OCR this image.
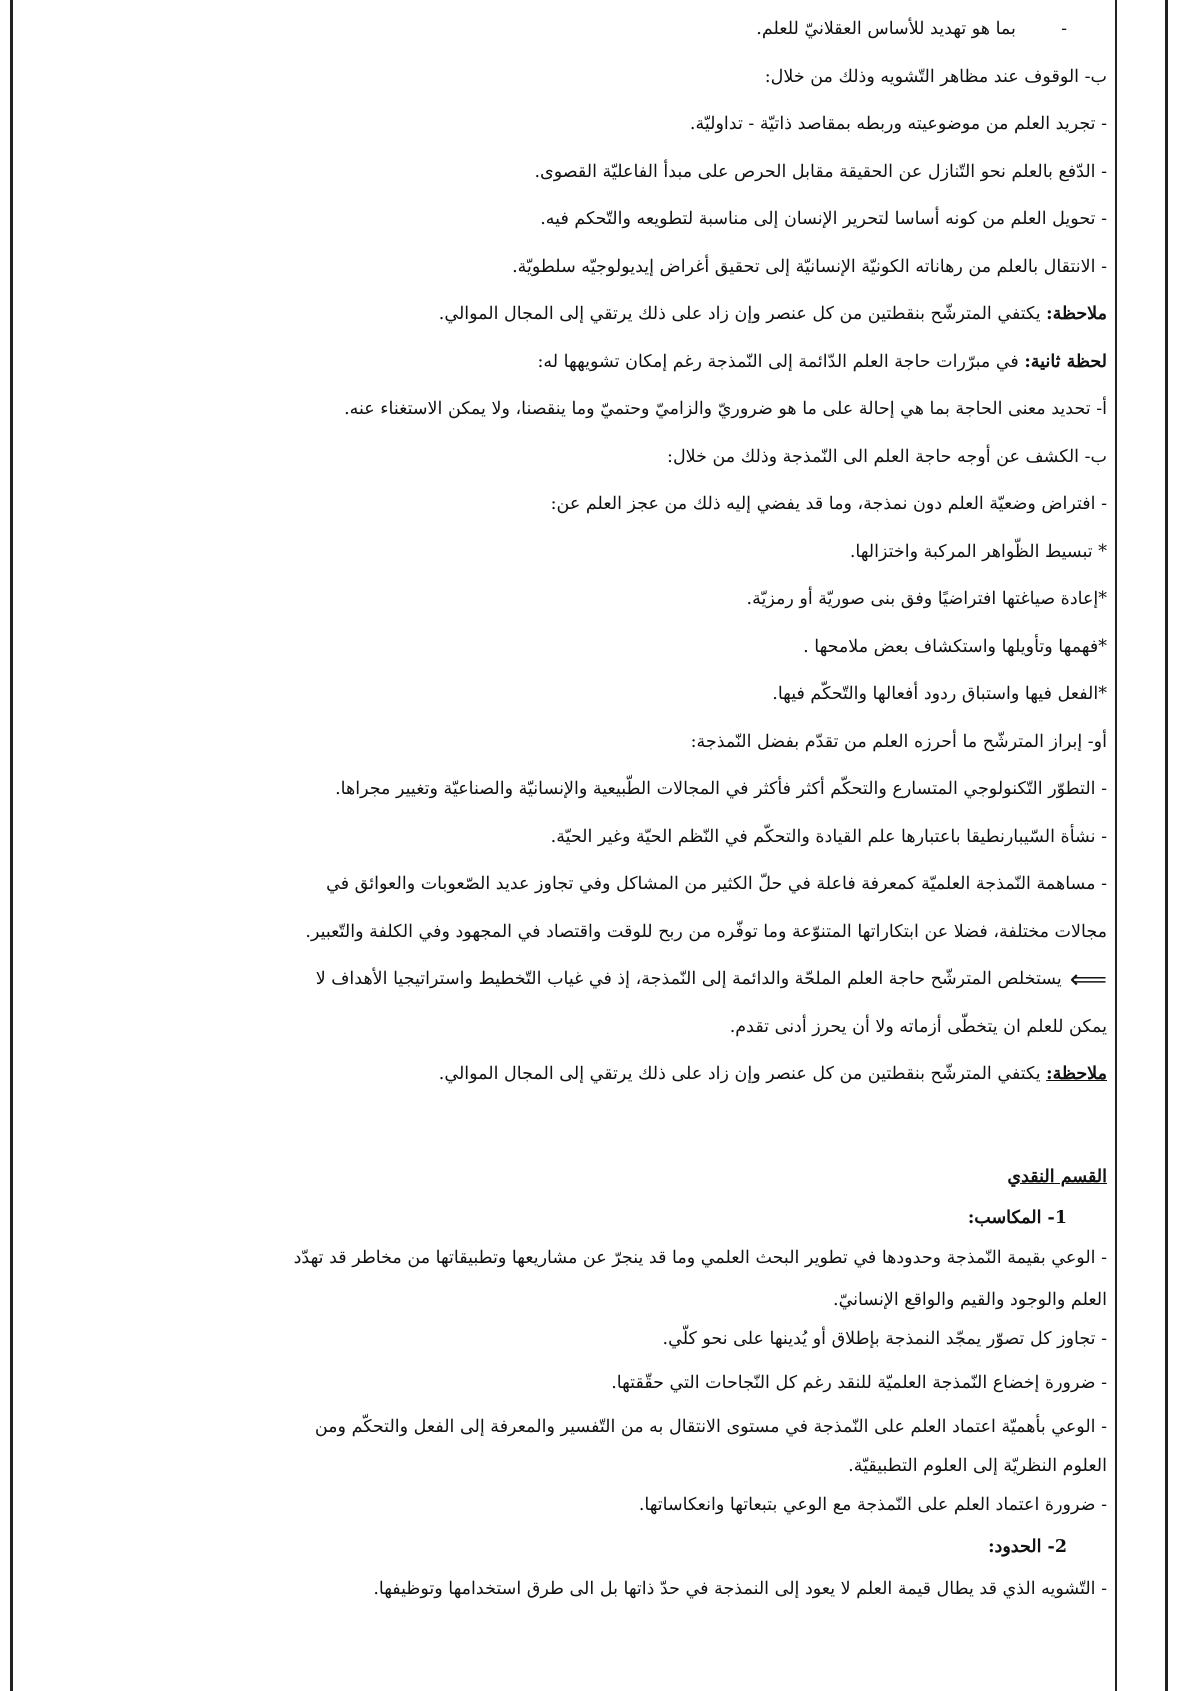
-  بما هو تهديد للأساس العقلانيّ للعلم.
ب- الوقوف عند مظاهر التّشويه وذلك من خلال:
- تجريد العلم من موضوعيته وربطه بمقاصد ذاتيّة - تداوليّة.
- الدّفع بالعلم نحو التّنازل عن الحقيقة مقابل الحرص على مبدأ الفاعليّة القصوى.
- تحويل العلم من كونه أساسا لتحرير الإنسان إلى مناسبة لتطويعه والتّحكم فيه.
- الانتقال بالعلم من رهاناته الكونيّة الإنسانيّة إلى تحقيق أغراض إيديولوجيّه سلطويّة.
ملاحظة: يكتفي المترشّح بنقطتين من كل عنصر وإن زاد على ذلك يرتقي إلى المجال الموالي.
لحظة ثانية: في مبرّرات حاجة العلم الدّائمة إلى النّمذجة رغم إمكان تشويهها له:
أ- تحديد معنى الحاجة بما هي إحالة على ما هو ضروريّ والزاميّ وحتميّ وما ينقصنا، ولا يمكن الاستغناء عنه.
ب- الكشف عن أوجه حاجة العلم الى النّمذجة وذلك من خلال:
- افتراض وضعيّة العلم دون نمذجة، وما قد يفضي إليه ذلك من عجز العلم عن:
* تبسيط الظّواهر المركبة واختزالها.
*إعادة صياغتها افتراضيًا وفق بنى صوريّة أو رمزيّة.
*فهمها وتأويلها واستكشاف بعض ملامحها .
*الفعل فيها واستباق ردود أفعالها والتّحكّم فيها.
أو- إبراز المترشّح ما أحرزه العلم من تقدّم بفضل النّمذجة:
- التطوّر التّكنولوجي المتسارع والتحكّم أكثر فأكثر في المجالات الطّبيعية والإنسانيّة والصناعيّة وتغيير مجراها.
- نشأة السّيبارنطيقا باعتبارها علم القيادة والتحكّم في النّظم الحيّة وغير الحيّة.
- مساهمة النّمذجة العلميّة كمعرفة فاعلة في حلّ الكثير من المشاكل وفي تجاوز عديد الصّعوبات والعوائق في
مجالات مختلفة، فضلا عن ابتكاراتها المتنوّعة وما توفّره من ربح للوقت واقتصاد في المجهود وفي الكلفة والتّعبير.
⟸يستخلص المترشّح حاجة العلم الملحّة والدائمة إلى النّمذجة، إذ في غياب التّخطيط واستراتيجيا الأهداف لا
يمكن للعلم ان يتخطّى أزماته ولا أن يحرز أدنى تقدم.
ملاحظة: يكتفي المترشّح بنقطتين من كل عنصر وإن زاد على ذلك يرتقي إلى المجال الموالي.
القسم النقدي
1- المكاسب:
- الوعي بقيمة النّمذجة وحدودها في تطوير البحث العلمي وما قد ينجرّ عن مشاريعها وتطبيقاتها من مخاطر قد تهدّد
العلم والوجود والقيم والواقع الإنسانيّ.
- تجاوز كل تصوّر يمجّد النمذجة بإطلاق أو يُدينها على نحو كلّي.
- ضرورة إخضاع النّمذجة العلميّة للنقد رغم كل النّجاحات التي حقّقتها.
- الوعي بأهميّة اعتماد العلم على النّمذجة في مستوى الانتقال به من التّفسير والمعرفة إلى الفعل والتحكّم ومن
العلوم النظريّة إلى العلوم التطبيقيّة.
- ضرورة اعتماد العلم على النّمذجة مع الوعي بتبعاتها وانعكاساتها.
2- الحدود:
- التّشويه الذي قد يطال قيمة العلم لا يعود إلى النمذجة في حدّ ذاتها بل الى طرق استخدامها وتوظيفها.
